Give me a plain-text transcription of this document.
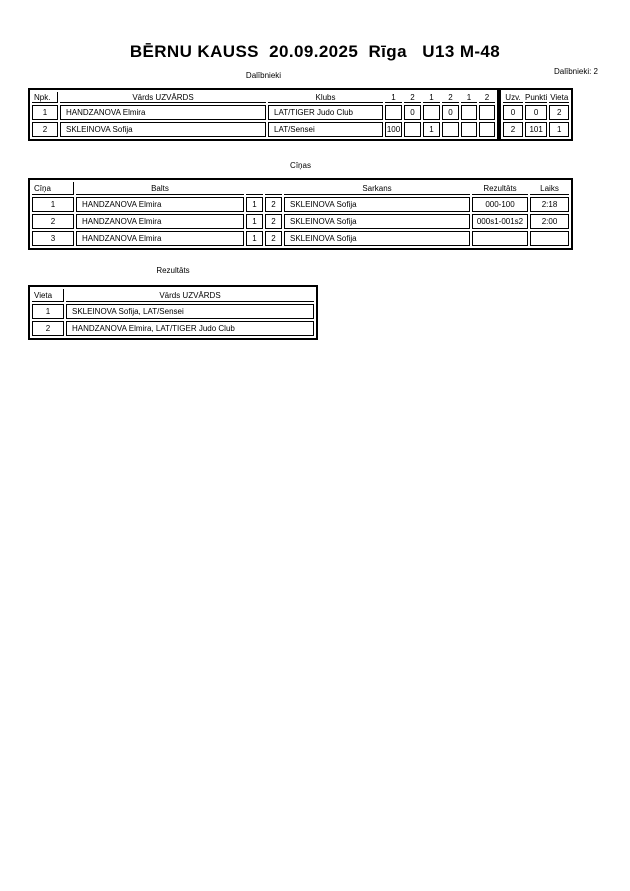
BĒRNU KAUSS  20.09.2025  Rīga   U13 M-48
Dalībnieki: 2
Dalībnieki
Npk.	Vārds UZVĀRDS	Klubs	1	2	1	2	1	2
1	HANDZANOVA Elmira	LAT/TIGER Judo Club		0		0		
2	SKLEINOVA Sofija	LAT/Sensei	100		1			
Uzv.	Punkti	Vieta
0	0	2
2	101	1
Cīņas
Cīņa	Balts			Sarkans	Rezultāts	Laiks
1	HANDZANOVA Elmira	1	2	SKLEINOVA Sofija	000-100	2:18
2	HANDZANOVA Elmira	1	2	SKLEINOVA Sofija	000s1-001s2	2:00
3	HANDZANOVA Elmira	1	2	SKLEINOVA Sofija		
Rezultāts
Vieta	Vārds UZVĀRDS
1	SKLEINOVA Sofija, LAT/Sensei
2	HANDZANOVA Elmira, LAT/TIGER Judo Club
